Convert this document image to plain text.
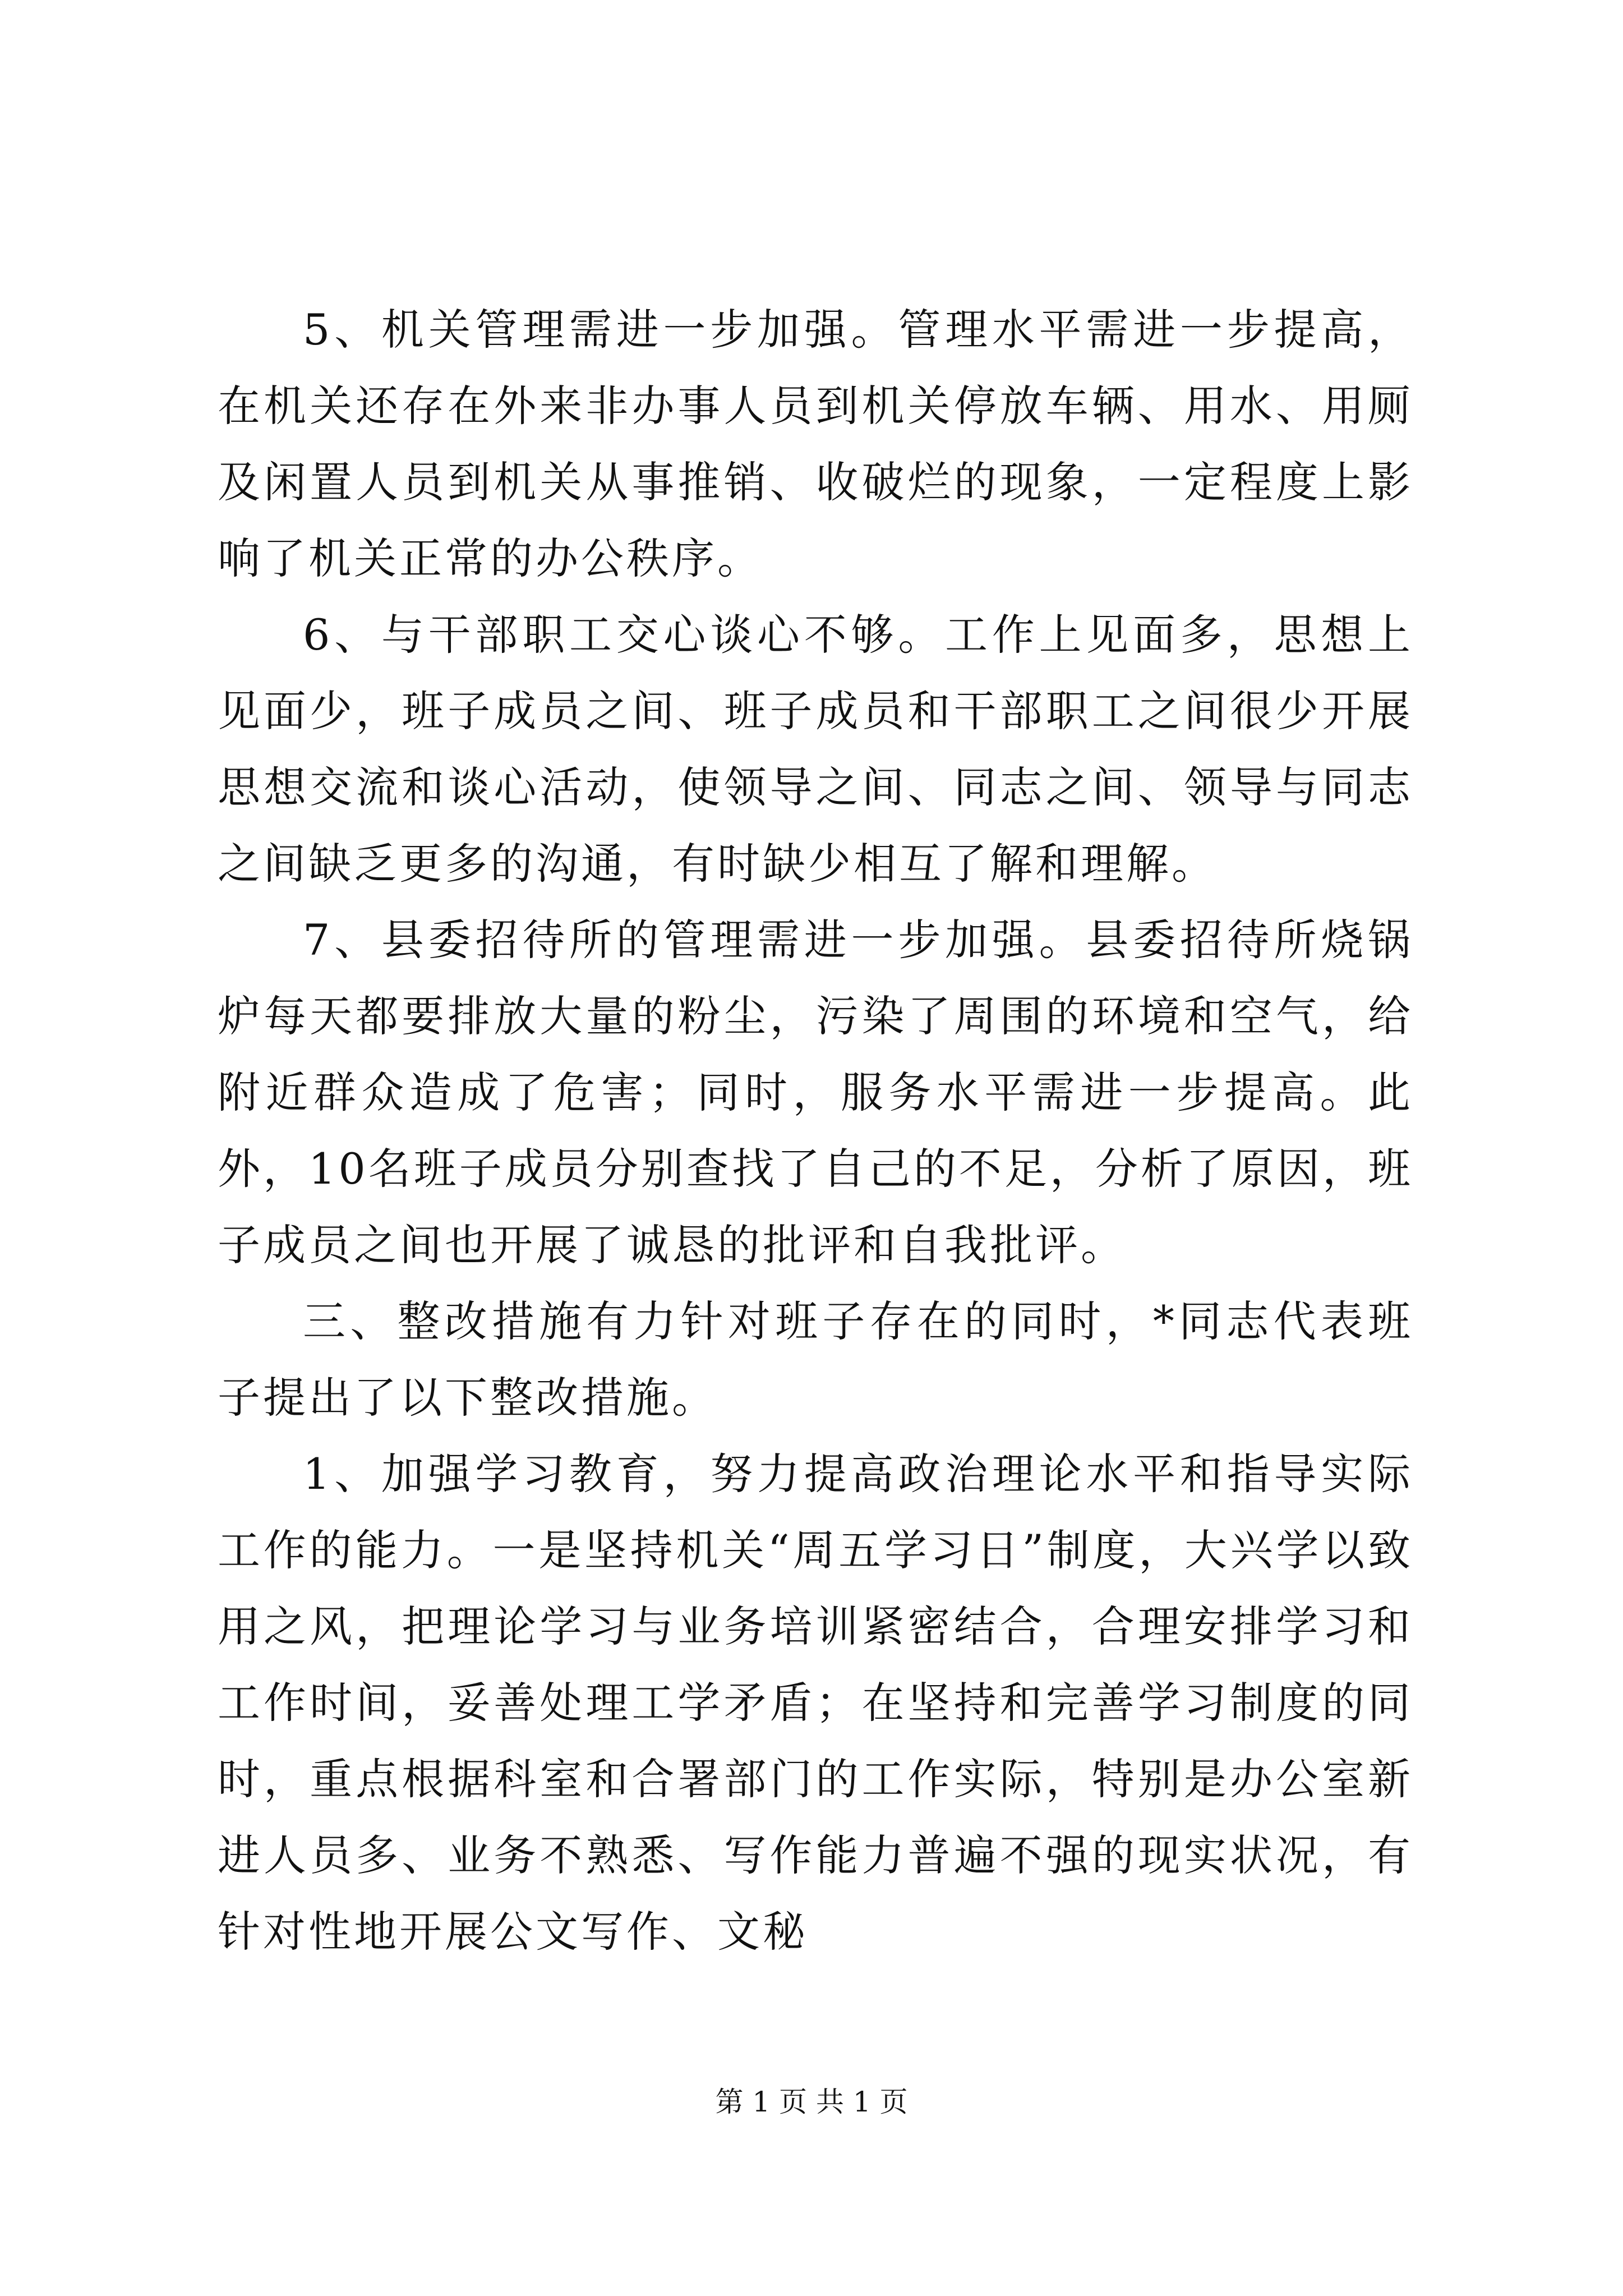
5、机关管理需进一步加强。管理水平需进一步提高，在机关还存在外来非办事人员到机关停放车辆、用水、用厕及闲置人员到机关从事推销、收破烂的现象，一定程度上影响了机关正常的办公秩序。

6、与干部职工交心谈心不够。工作上见面多，思想上见面少，班子成员之间、班子成员和干部职工之间很少开展思想交流和谈心活动，使领导之间、同志之间、领导与同志之间缺乏更多的沟通，有时缺少相互了解和理解。

7、县委招待所的管理需进一步加强。县委招待所烧锅炉每天都要排放大量的粉尘，污染了周围的环境和空气，给附近群众造成了危害；同时，服务水平需进一步提高。此外，10名班子成员分别查找了自己的不足，分析了原因，班子成员之间也开展了诚恳的批评和自我批评。

三、整改措施有力针对班子存在的同时，*同志代表班子提出了以下整改措施。

1、加强学习教育，努力提高政治理论水平和指导实际工作的能力。一是坚持机关“周五学习日”制度，大兴学以致用之风，把理论学习与业务培训紧密结合，合理安排学习和工作时间，妥善处理工学矛盾；在坚持和完善学习制度的同时，重点根据科室和合署部门的工作实际，特别是办公室新进人员多、业务不熟悉、写作能力普遍不强的现实状况，有针对性地开展公文写作、文秘

第 1 页 共 1 页
